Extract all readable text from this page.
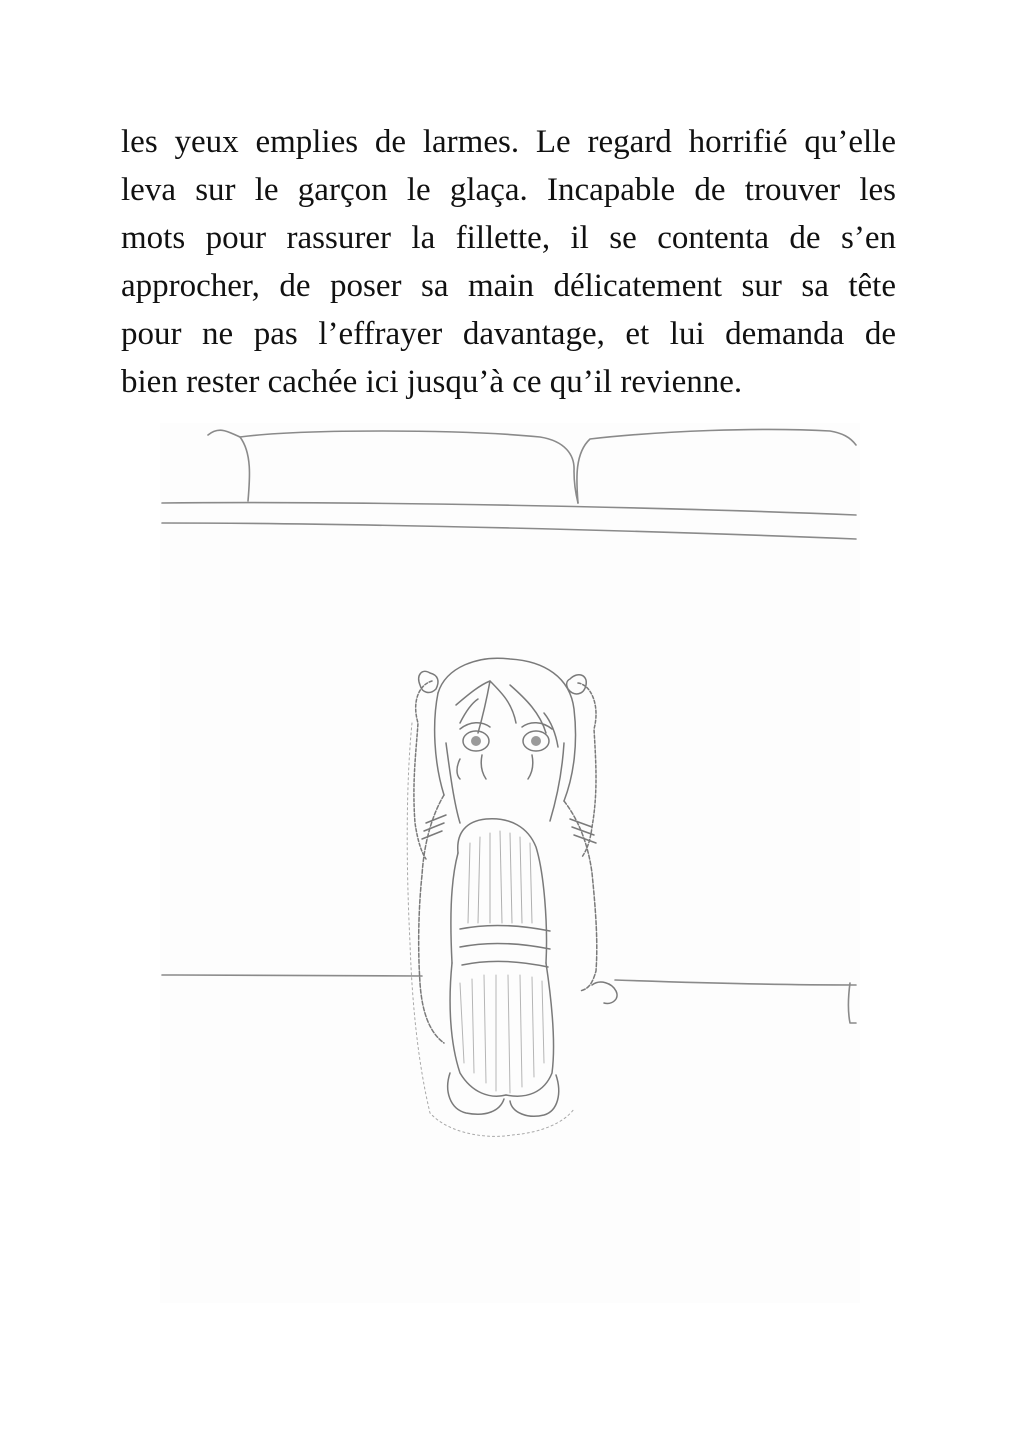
les yeux emplies de larmes. Le regard horrifié qu’elle
leva sur le garçon le glaça. Incapable de trouver les
mots pour rassurer la fillette, il se contenta de s’en
approcher, de poser sa main délicatement sur sa tête
pour ne pas l’effrayer davantage, et lui demanda de
bien rester cachée ici jusqu’à ce qu’il revienne.
